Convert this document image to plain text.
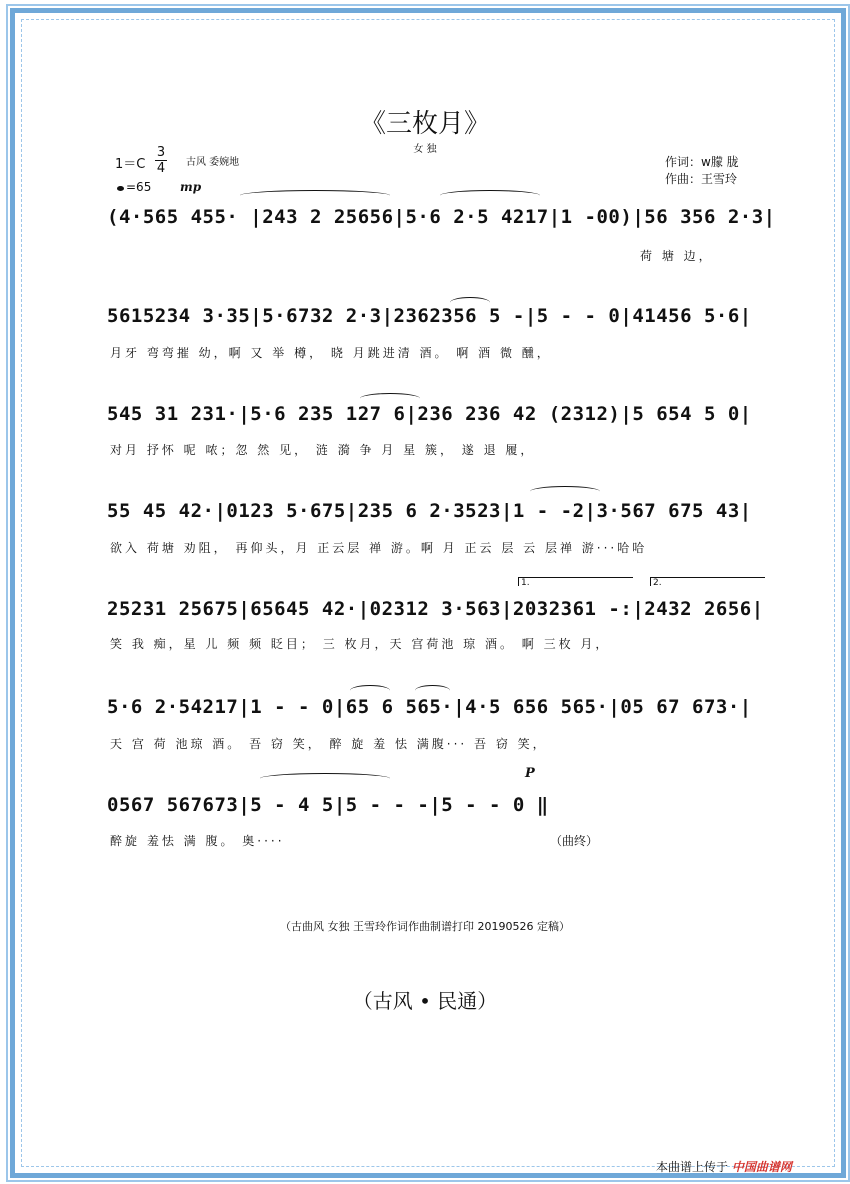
《三枚月》
女 独
1＝C
3
4 古风 委婉地
=65 mp
作词：w朦 胧
作曲：王雪玲
(4·565 455· |243 2 25656|5·6 2·5 4217|1 -00)|56 356 2·3|
荷 塘 边，
5615234 3·35|5·6732 2·3|2362356 5 -|5 - - 0|41456 5·6|
月牙 弯弯摧 幼，啊 又 举 樽， 晓 月跳进清 酒。 啊 酒 微 醺，
545 31 231·|5·6 235 127 6|236 236 42 (2312)|5 654 5 0|
对月 抒怀 呢 哝；忽 然 见， 涟 漪 争 月 星 簇， 遂 退 履，
55 45 42·|0123 5·675|235 6 2·3523|1 - -2|3·567 675 43|
欲入 荷塘 劝阻， 再仰头，月 正云层 禅 游。啊 月 正云 层 云 层禅 游···哈哈
1.	2.
25231 25675|65645 42·|02312 3·563|2032361 -:|2432 2656|
笑 我 痴，星 儿 频 频 眨目； 三 枚月，天 宫荷池 琼 酒。 啊 三枚 月，
5·6 2·54217|1 - - 0|65 6 565·|4·5 656 565·|05 67 673·|
天 宫 荷 池琼 酒。 吾 窃 笑， 醉 旋 羞 怯 满腹··· 吾 窃 笑，
P
0567 567673|5 - 4 5|5 - - -|5 - - 0 ‖
醉旋 羞怯 满 腹。 奥····	（曲终）
（古曲风 女独 王雪玲作词作曲制谱打印 20190526 定稿）
（古风 • 民通）
本曲谱上传于 中国曲谱网
